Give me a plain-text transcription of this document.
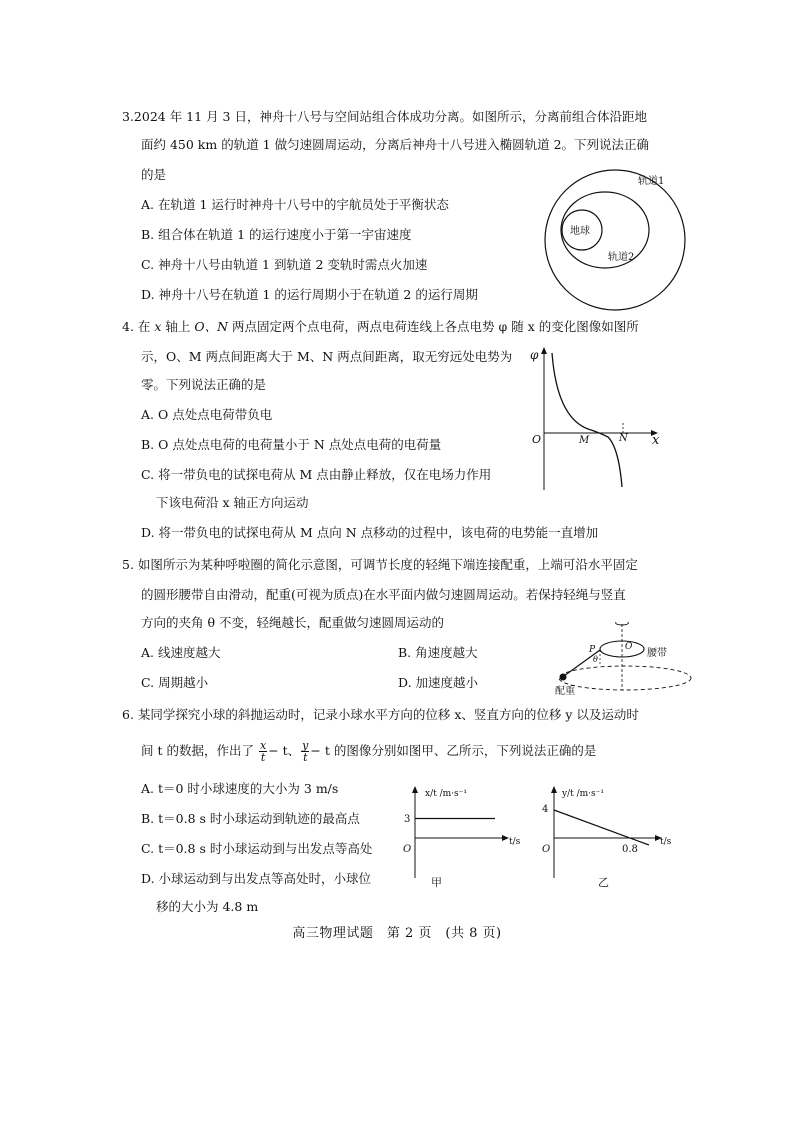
3.2024 年 11 月 3 日，神舟十八号与空间站组合体成功分离。如图所示，分离前组合体沿距地
面约 450 km 的轨道 1 做匀速圆周运动，分离后神舟十八号进入椭圆轨道 2。下列说法正确
的是
A. 在轨道 1 运行时神舟十八号中的宇航员处于平衡状态
B. 组合体在轨道 1 的运行速度小于第一宇宙速度
C. 神舟十八号由轨道 1 到轨道 2 变轨时需点火加速
D. 神舟十八号在轨道 1 的运行周期小于在轨道 2 的运行周期
地球
轨道1
轨道2
4. 在 x 轴上 O、N 两点固定两个点电荷，两点电荷连线上各点电势 φ 随 x 的变化图像如图所
示，O、M 两点间距离大于 M、N 两点间距离，取无穷远处电势为
零。下列说法正确的是
A. O 点处点电荷带负电
B. O 点处点电荷的电荷量小于 N 点处点电荷的电荷量
C. 将一带负电的试探电荷从 M 点由静止释放，仅在电场力作用
下该电荷沿 x 轴正方向运动
D. 将一带负电的试探电荷从 M 点向 N 点移动的过程中，该电荷的电势能一直增加
φ
O	M	N x
5. 如图所示为某种呼啦圈的简化示意图，可调节长度的轻绳下端连接配重，上端可沿水平固定
的圆形腰带自由滑动，配重(可视为质点)在水平面内做匀速圆周运动。若保持轻绳与竖直
方向的夹角 θ 不变，轻绳越长，配重做匀速圆周运动的
A. 线速度越大	B. 角速度越大
C. 周期越小	D. 加速度越小
P
θ
O
腰带
配重
6. 某同学探究小球的斜抛运动时，记录小球水平方向的位移 x、竖直方向的位移 y 以及运动时
间 t 的数据，作出了 $\frac{x}{t} - t$、 $\frac{y}{t} - t$ 的图像分别如图甲、乙所示，下列说法正确的是
A. t＝0 时小球速度的大小为 3 m/s
B. t＝0.8 s 时小球运动到轨迹的最高点
C. t＝0.8 s 时小球运动到与出发点等高处
D. 小球运动到与出发点等高处时，小球位
移的大小为 4.8 m
x/t /m·s⁻¹
3
O
t/s
甲
y/t /m·s⁻¹
4
O	0.8
t/s
乙
高三物理试题　第 2 页　(共 8 页)
